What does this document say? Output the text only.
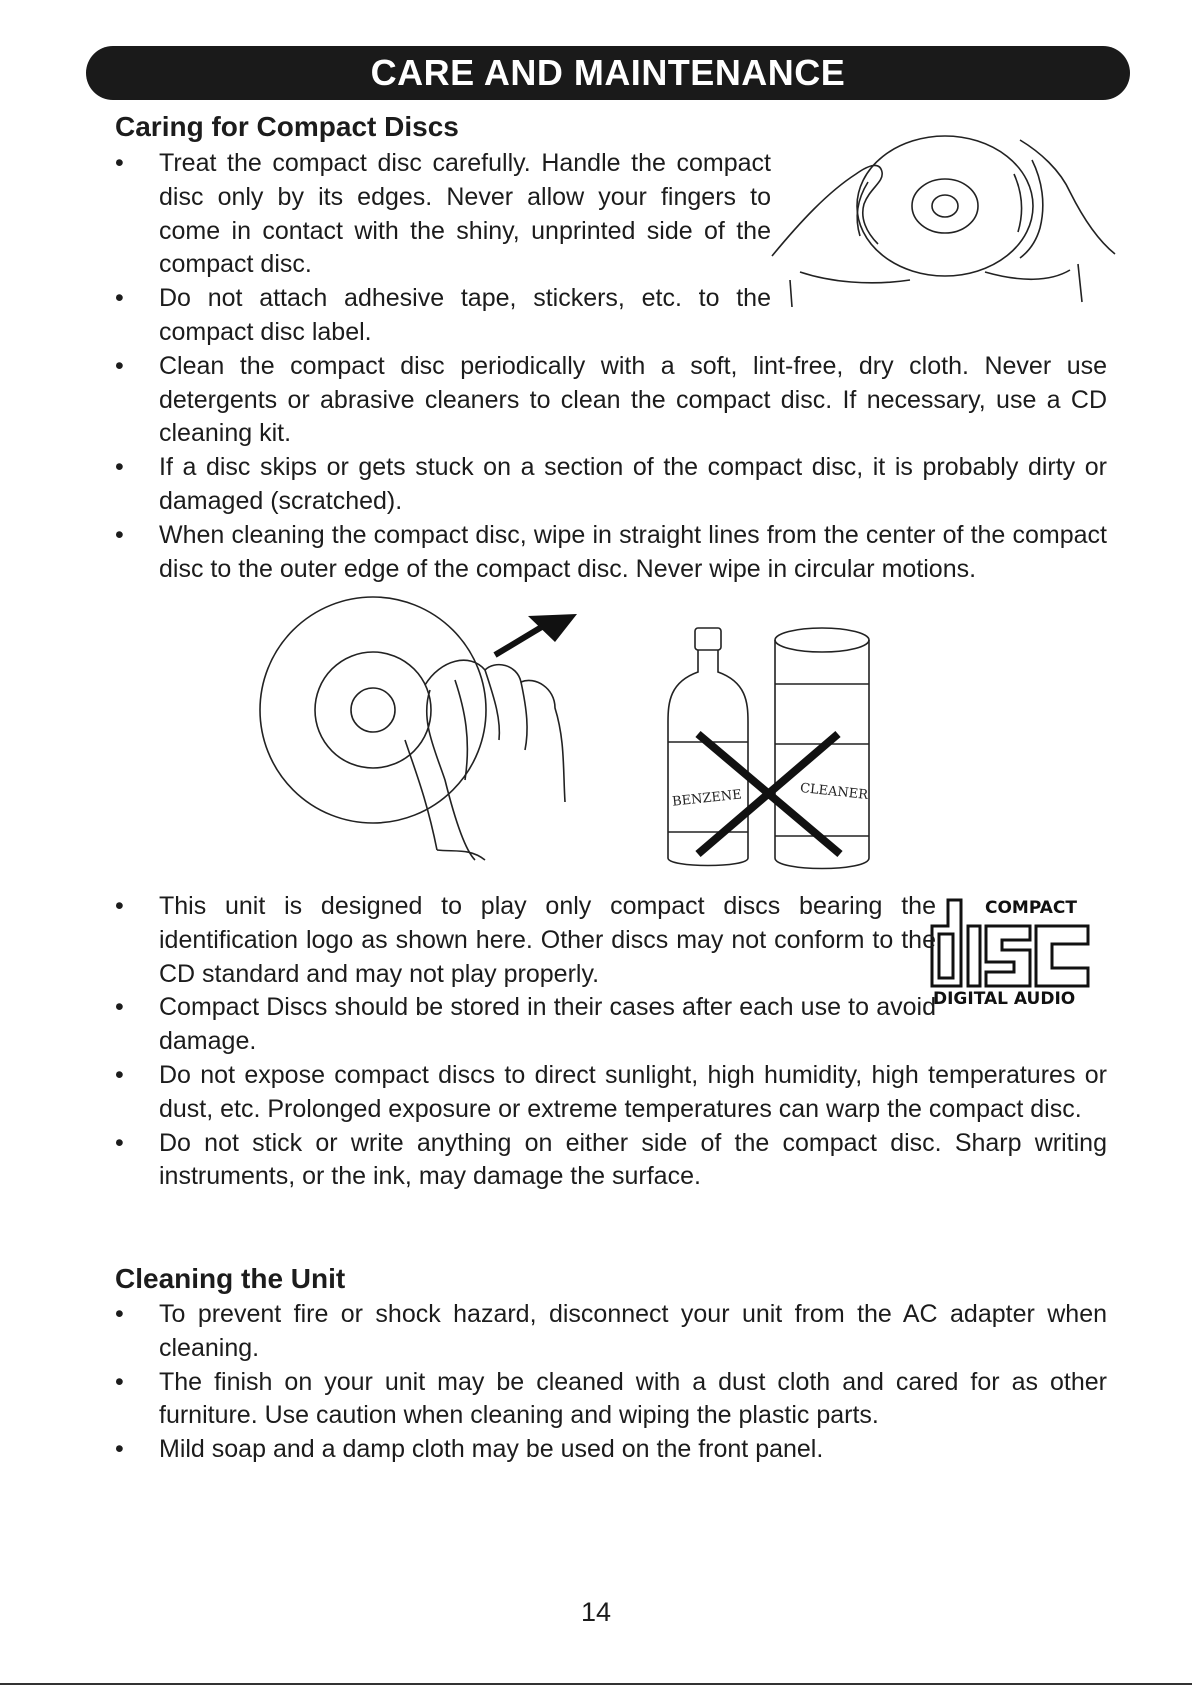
CARE AND MAINTENANCE
Caring for Compact Discs
• Treat the compact disc carefully. Handle the compact disc only by its edges. Never allow your fingers to come in contact with the shiny, unprinted side of the compact disc.
• Do not attach adhesive tape, stickers, etc. to the compact disc label.
• Clean the compact disc periodically with a soft, lint-free, dry cloth. Never use detergents or abrasive cleaners to clean the compact disc. If necessary, use a CD cleaning kit.
• If a disc skips or gets stuck on a section of the compact disc, it is probably dirty or damaged (scratched).
• When cleaning the compact disc, wipe in straight lines from the center of the compact disc to the outer edge of the compact disc. Never wipe in circular motions.
BENZENE	CLEANER
COMPACT
DIGITAL AUDIO
• This unit is designed to play only compact discs bearing the identification logo as shown here. Other discs may not conform to the CD standard and may not play properly.
• Compact Discs should be stored in their cases after each use to avoid damage.
• Do not expose compact discs to direct sunlight, high humidity, high temperatures or dust, etc. Prolonged exposure or extreme temperatures can warp the compact disc.
• Do not stick or write anything on either side of the compact disc. Sharp writing instruments, or the ink, may damage the surface.
Cleaning the Unit
• To prevent fire or shock hazard, disconnect your unit from the AC adapter when cleaning.
• The finish on your unit may be cleaned with a dust cloth and cared for as other furniture. Use caution when cleaning and wiping the plastic parts.
• Mild soap and a damp cloth may be used on the front panel.
14
